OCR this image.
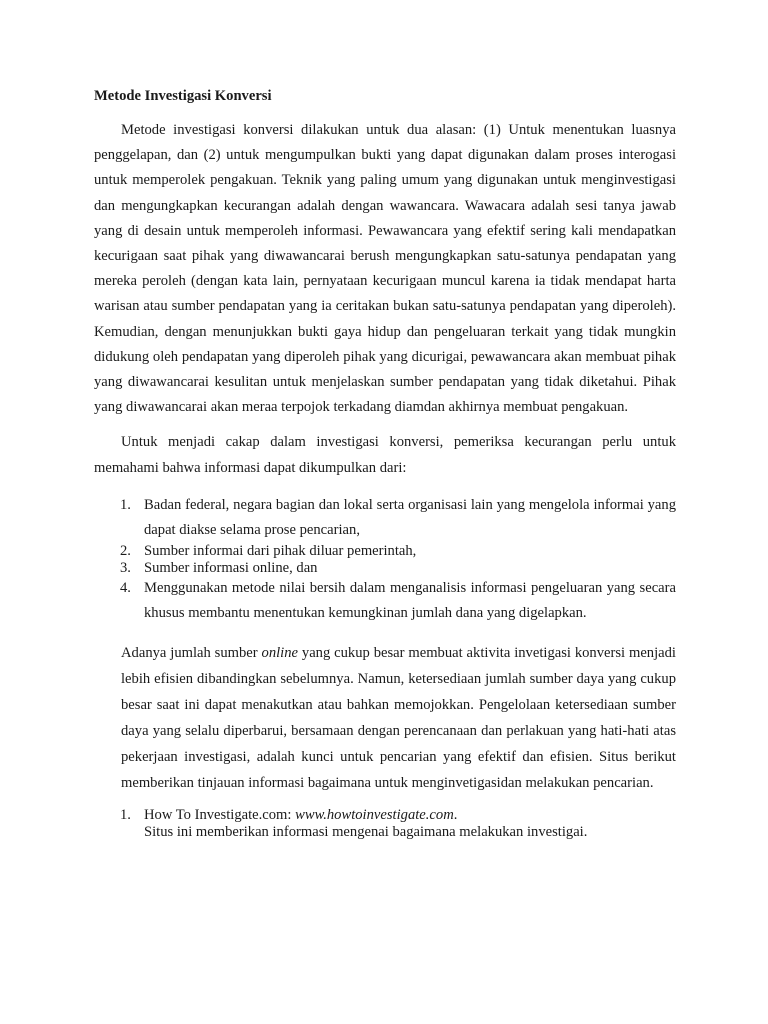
Metode Investigasi Konversi

Metode investigasi konversi dilakukan untuk dua alasan: (1) Untuk menentukan luasnya penggelapan, dan (2) untuk mengumpulkan bukti yang dapat digunakan dalam proses interogasi untuk memperolek pengakuan. Teknik yang paling umum yang digunakan untuk menginvestigasi dan mengungkapkan kecurangan adalah dengan wawancara. Wawacara adalah sesi tanya jawab yang di desain untuk memperoleh informasi. Pewawancara yang efektif sering kali mendapatkan kecurigaan saat pihak yang diwawancarai berush mengungkapkan satu-satunya pendapatan yang mereka peroleh (dengan kata lain, pernyataan kecurigaan muncul karena ia tidak mendapat harta warisan atau sumber pendapatan yang ia ceritakan bukan satu-satunya pendapatan yang diperoleh). Kemudian, dengan menunjukkan bukti gaya hidup dan pengeluaran terkait yang tidak mungkin didukung oleh pendapatan yang diperoleh pihak yang dicurigai, pewawancara akan membuat pihak yang diwawancarai kesulitan untuk menjelaskan sumber pendapatan yang tidak diketahui. Pihak yang diwawancarai akan meraa terpojok terkadang diamdan akhirnya membuat pengakuan.

Untuk menjadi cakap dalam investigasi konversi, pemeriksa kecurangan perlu untuk memahami bahwa informasi dapat dikumpulkan dari:

1. Badan federal, negara bagian dan lokal serta organisasi lain yang mengelola informai yang dapat diakse selama prose pencarian,
2. Sumber informai dari pihak diluar pemerintah,
3. Sumber informasi online, dan
4. Menggunakan metode nilai bersih dalam menganalisis informasi pengeluaran yang secara khusus membantu menentukan kemungkinan jumlah dana yang digelapkan.

Adanya jumlah sumber online yang cukup besar membuat aktivita invetigasi konversi menjadi lebih efisien dibandingkan sebelumnya. Namun, ketersediaan jumlah sumber daya yang cukup besar saat ini dapat menakutkan atau bahkan memojokkan. Pengelolaan ketersediaan sumber daya yang selalu diperbarui, bersamaan dengan perencanaan dan perlakuan yang hati-hati atas pekerjaan investigasi, adalah kunci untuk pencarian yang efektif dan efisien. Situs berikut memberikan tinjauan informasi bagaimana untuk menginvetigasidan melakukan pencarian.

1. How To Investigate.com: www.howtoinvestigate.com.
Situs ini memberikan informasi mengenai bagaimana melakukan investigai.
